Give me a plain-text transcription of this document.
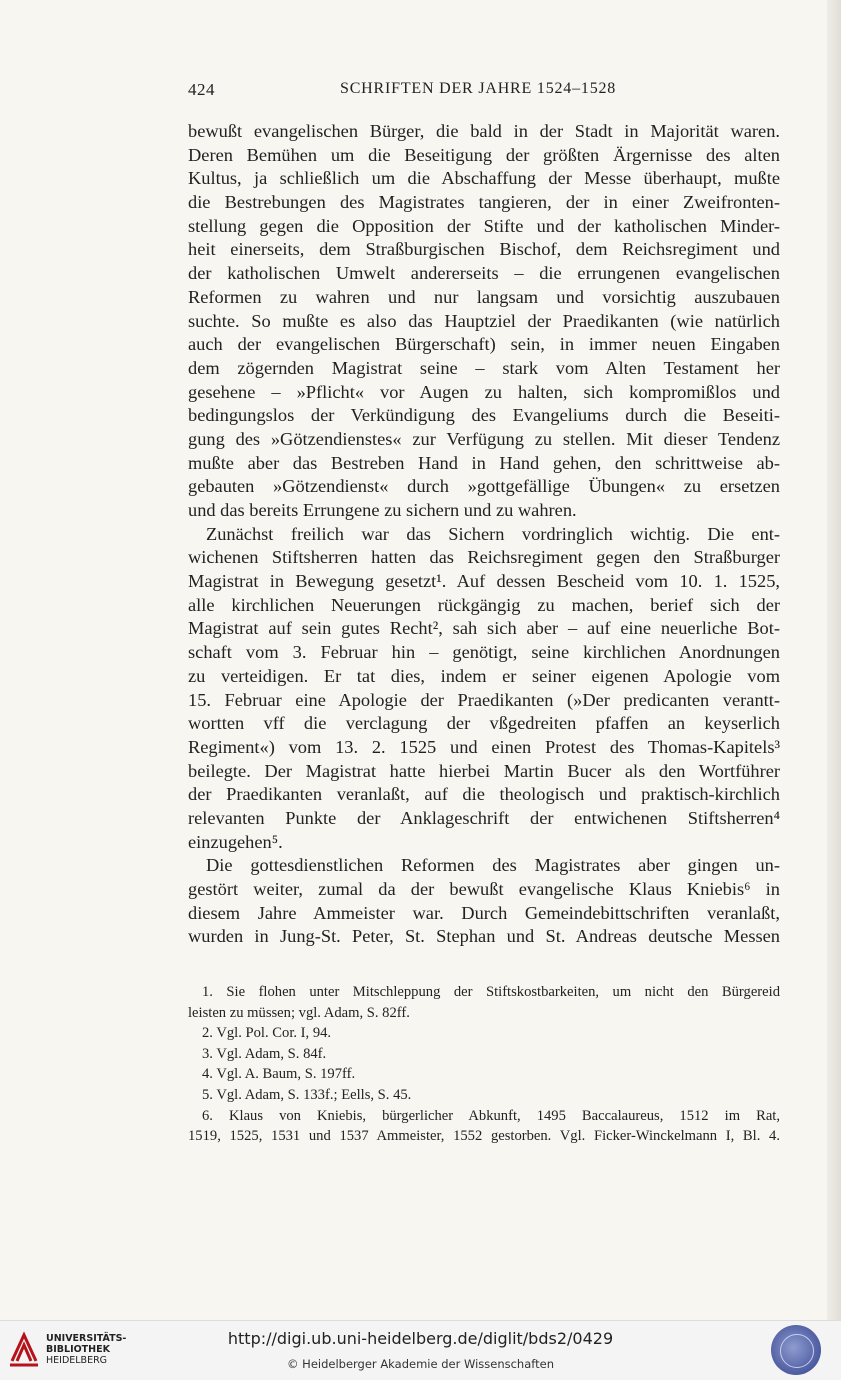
424	SCHRIFTEN DER JAHRE 1524–1528
bewußt evangelischen Bürger, die bald in der Stadt in Majorität waren.
Deren Bemühen um die Beseitigung der größten Ärgernisse des alten
Kultus, ja schließlich um die Abschaffung der Messe überhaupt, mußte
die Bestrebungen des Magistrates tangieren, der in einer Zweifronten-
stellung gegen die Opposition der Stifte und der katholischen Minder-
heit einerseits, dem Straßburgischen Bischof, dem Reichsregiment und
der katholischen Umwelt andererseits – die errungenen evangelischen
Reformen zu wahren und nur langsam und vorsichtig auszubauen
suchte. So mußte es also das Hauptziel der Praedikanten (wie natürlich
auch der evangelischen Bürgerschaft) sein, in immer neuen Eingaben
dem zögernden Magistrat seine – stark vom Alten Testament her
gesehene – »Pflicht« vor Augen zu halten, sich kompromißlos und
bedingungslos der Verkündigung des Evangeliums durch die Beseiti-
gung des »Götzendienstes« zur Verfügung zu stellen. Mit dieser Tendenz
mußte aber das Bestreben Hand in Hand gehen, den schrittweise ab-
gebauten »Götzendienst« durch »gottgefällige Übungen« zu ersetzen
und das bereits Errungene zu sichern und zu wahren.
Zunächst freilich war das Sichern vordringlich wichtig. Die ent-
wichenen Stiftsherren hatten das Reichsregiment gegen den Straßburger
Magistrat in Bewegung gesetzt¹. Auf dessen Bescheid vom 10. 1. 1525,
alle kirchlichen Neuerungen rückgängig zu machen, berief sich der
Magistrat auf sein gutes Recht², sah sich aber – auf eine neuerliche Bot-
schaft vom 3. Februar hin – genötigt, seine kirchlichen Anordnungen
zu verteidigen. Er tat dies, indem er seiner eigenen Apologie vom
15. Februar eine Apologie der Praedikanten (»Der predicanten verantt-
wortten vff die verclagung der vßgedreiten pfaffen an keyserlich
Regiment«) vom 13. 2. 1525 und einen Protest des Thomas-Kapitels³
beilegte. Der Magistrat hatte hierbei Martin Bucer als den Wortführer
der Praedikanten veranlaßt, auf die theologisch und praktisch-kirchlich
relevanten Punkte der Anklageschrift der entwichenen Stiftsherren⁴
einzugehen⁵.
Die gottesdienstlichen Reformen des Magistrates aber gingen un-
gestört weiter, zumal da der bewußt evangelische Klaus Kniebis⁶ in
diesem Jahre Ammeister war. Durch Gemeindebittschriften veranlaßt,
wurden in Jung-St. Peter, St. Stephan und St. Andreas deutsche Messen
1. Sie flohen unter Mitschleppung der Stiftskostbarkeiten, um nicht den Bürgereid
leisten zu müssen; vgl. Adam, S. 82ff.
2. Vgl. Pol. Cor. I, 94.
3. Vgl. Adam, S. 84f.
4. Vgl. A. Baum, S. 197ff.
5. Vgl. Adam, S. 133f.; Eells, S. 45.
6. Klaus von Kniebis, bürgerlicher Abkunft, 1495 Baccalaureus, 1512 im Rat,
1519, 1525, 1531 und 1537 Ammeister, 1552 gestorben. Vgl. Ficker-Winckelmann I, Bl. 4.
UNIVERSITÄTS-
BIBLIOTHEK
HEIDELBERG
http://digi.ub.uni-heidelberg.de/diglit/bds2/0429
© Heidelberger Akademie der Wissenschaften
